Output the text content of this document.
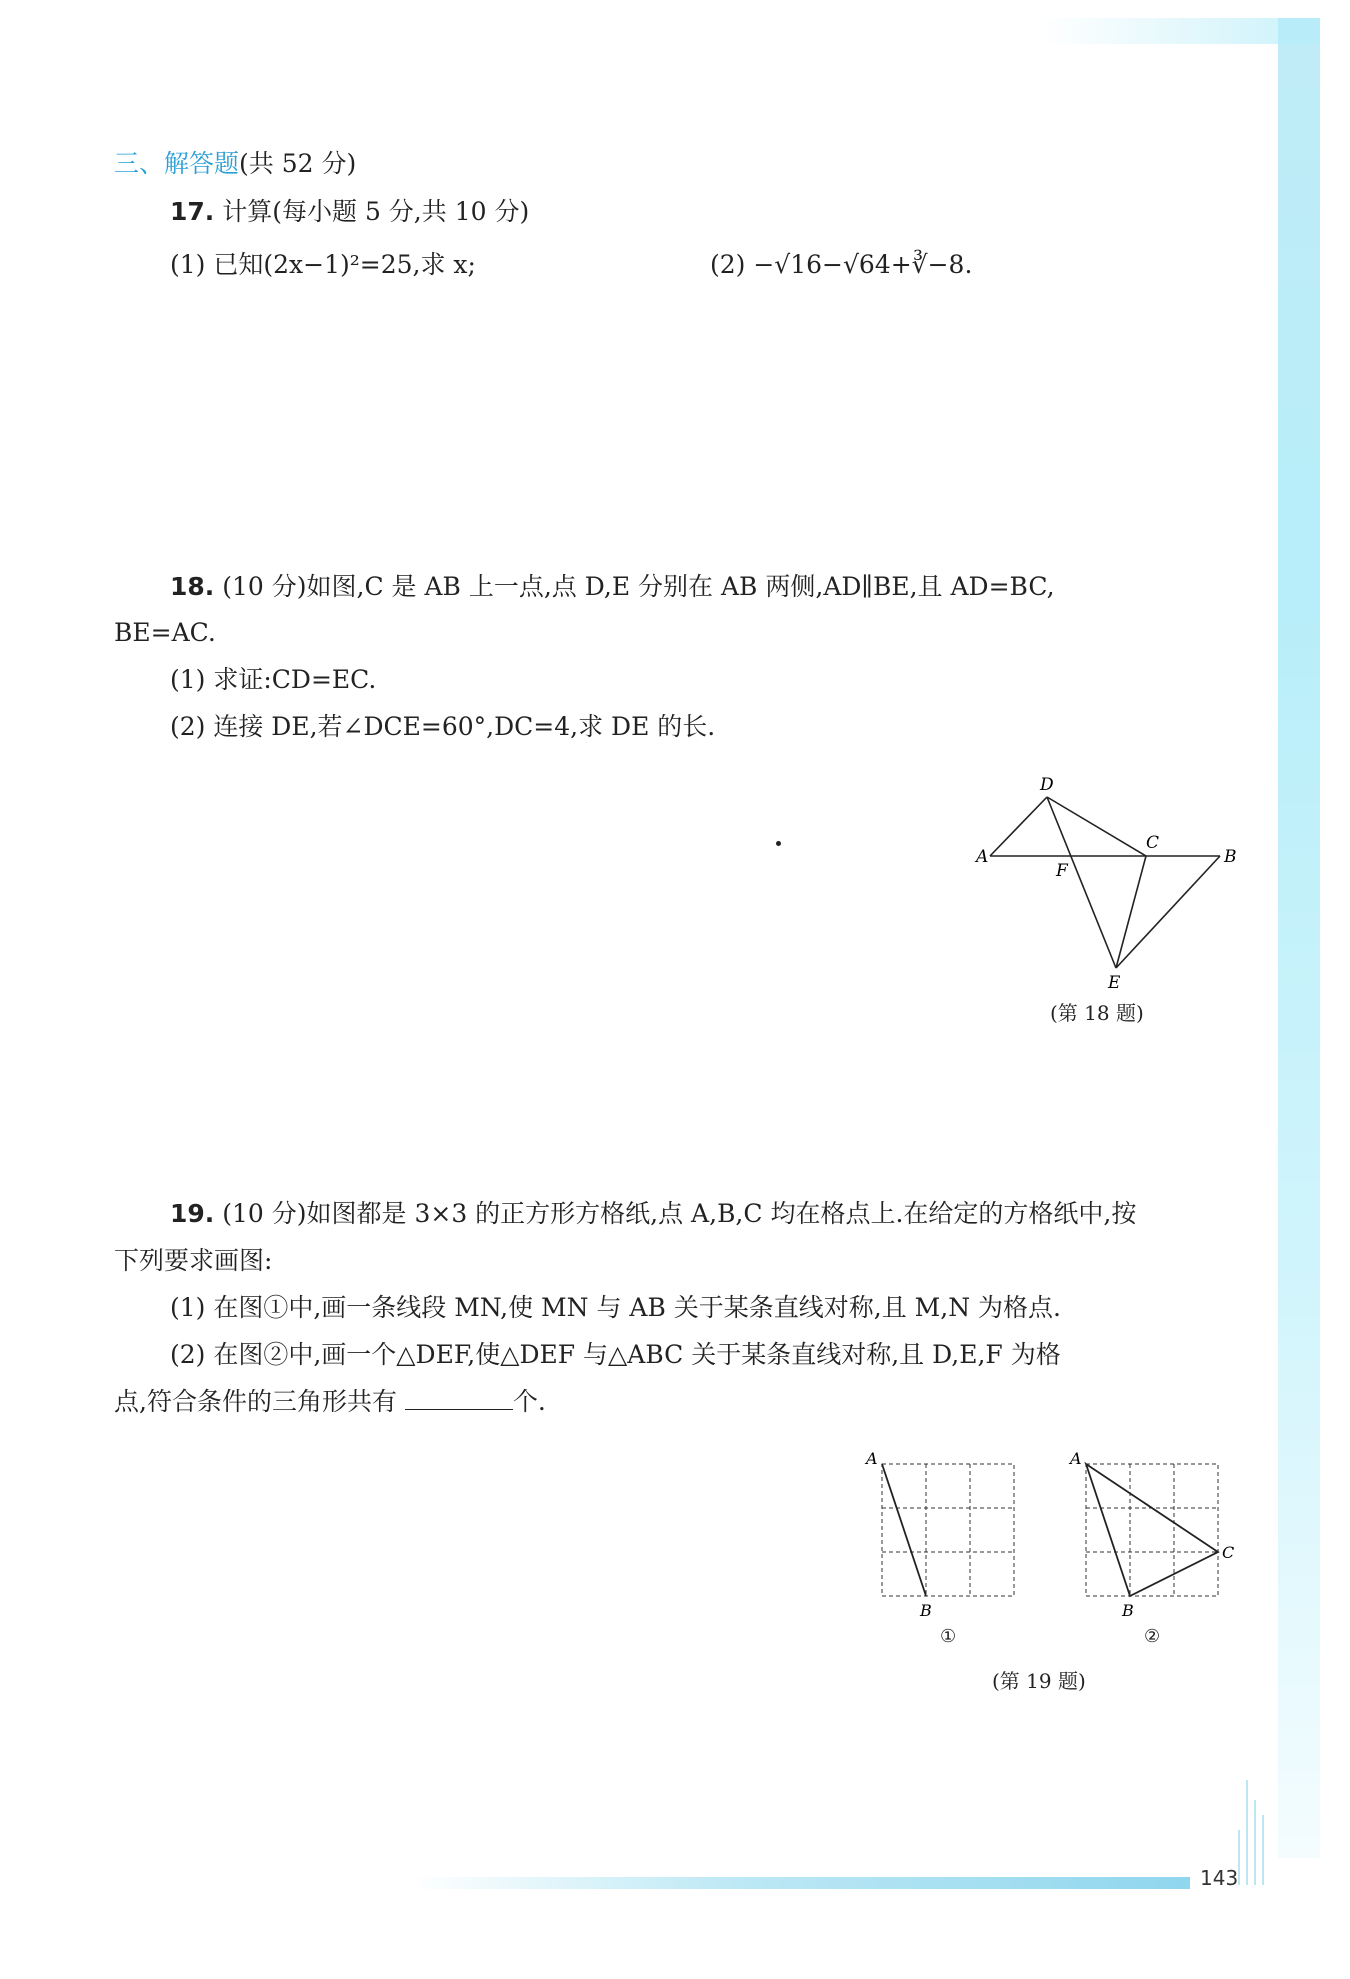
三、解答题(共 52 分)
17. 计算(每小题 5 分,共 10 分)
(1) 已知(2x−1)²=25,求 x;	(2) −√16−√64+∛−8.
18. (10 分)如图,C 是 AB 上一点,点 D,E 分别在 AB 两侧,AD∥BE,且 AD=BC,
BE=AC.
(1) 求证:CD=EC.
(2) 连接 DE,若∠DCE=60°,DC=4,求 DE 的长.
D
A
F
C
B
E
(第 18 题)
19. (10 分)如图都是 3×3 的正方形方格纸,点 A,B,C 均在格点上.在给定的方格纸中,按
下列要求画图:
(1) 在图①中,画一条线段 MN,使 MN 与 AB 关于某条直线对称,且 M,N 为格点.
(2) 在图②中,画一个△DEF,使△DEF 与△ABC 关于某条直线对称,且 D,E,F 为格
点,符合条件的三角形共有	个.
A
B
①
A
B
C
②
(第 19 题)
143
